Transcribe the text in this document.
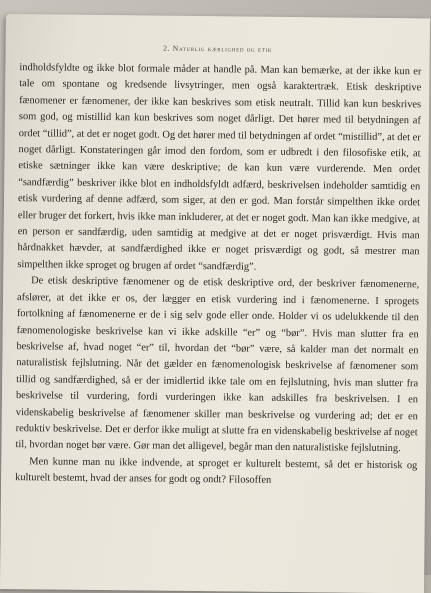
2. Naturlig kærlighed og etik

indholdsfyldte og ikke blot formale måder at handle på. Man kan bemærke, at der ikke kun er tale om spontane og kredsende livsytringer, men også karaktertræk. Etisk deskriptive fænomener er fænomener, der ikke kan beskrives som etisk neutralt. Tillid kan kun beskrives som god, og mistillid kan kun beskrives som noget dårligt. Det hører med til betydningen af ordet “tillid”, at det er noget godt. Og det hører med til betydningen af ordet “mistillid”, at det er noget dårligt. Konstateringen går imod den fordom, som er udbredt i den filosofiske etik, at etiske sætninger ikke kan være deskriptive; de kan kun være vurderende. Men ordet “sandfærdig” beskriver ikke blot en indholdsfyldt adfærd, beskrivelsen indeholder samtidig en etisk vurdering af denne adfærd, som siger, at den er god. Man forstår simpelthen ikke ordet eller bruger det forkert, hvis ikke man inkluderer, at det er noget godt. Man kan ikke medgive, at en person er sandfærdig, uden samtidig at medgive at det er noget prisværdigt. Hvis man hårdnakket hævder, at sandfærdighed ikke er noget prisværdigt og godt, så mestrer man simpelthen ikke sproget og brugen af ordet “sandfærdig”.

De etisk deskriptive fænomener og de etisk deskriptive ord, der beskriver fænomenerne, afslører, at det ikke er os, der lægger en etisk vurdering ind i fænomenerne. I sprogets fortolkning af fænomenerne er de i sig selv gode eller onde. Holder vi os udelukkende til den fænomenologiske beskrivelse kan vi ikke adskille “er” og “bør”. Hvis man slutter fra en beskrivelse af, hvad noget “er” til, hvordan det “bør” være, så kalder man det normalt en naturalistisk fejlslutning. Når det gælder en fænomenologisk beskrivelse af fænomener som tillid og sandfærdighed, så er der imidlertid ikke tale om en fejlslutning, hvis man slutter fra beskrivelse til vurdering, fordi vurderingen ikke kan adskilles fra beskrivelsen. I en videnskabelig beskrivelse af fænomener skiller man beskrivelse og vurdering ad; det er en reduktiv beskrivelse. Det er derfor ikke muligt at slutte fra en videnskabelig beskrivelse af noget til, hvordan noget bør være. Gør man det alligevel, begår man den naturalistiske fejlslutning.

Men kunne man nu ikke indvende, at sproget er kulturelt bestemt, så det er historisk og kulturelt bestemt, hvad der anses for godt og ondt? Filosoffen
